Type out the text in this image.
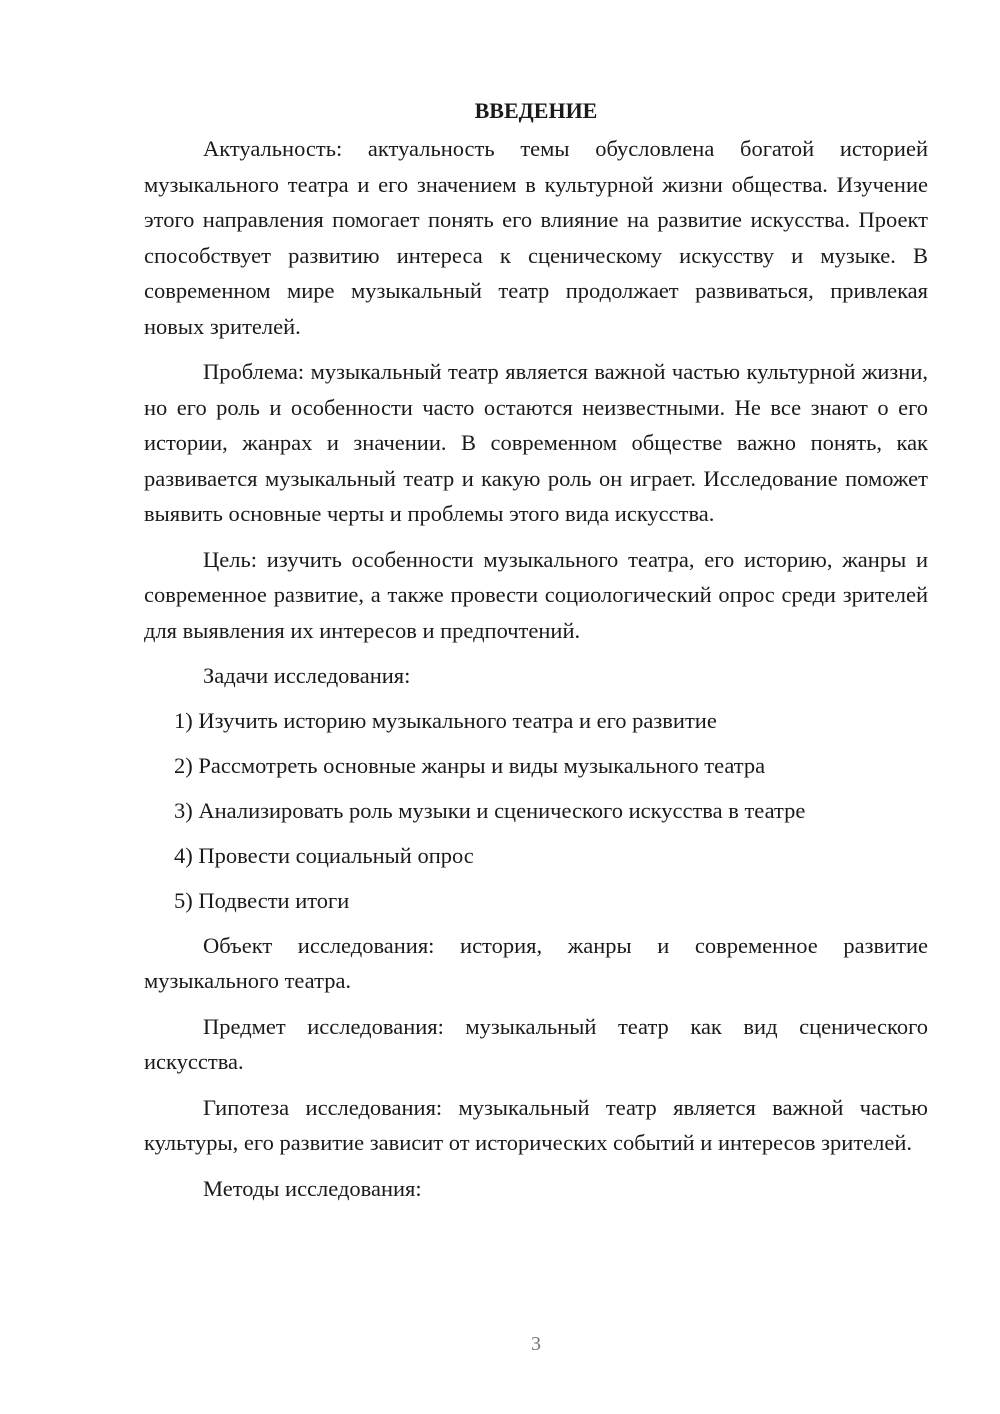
ВВЕДЕНИЕ

Актуальность: актуальность темы обусловлена богатой историей музыкального театра и его значением в культурной жизни общества. Изучение этого направления помогает понять его влияние на развитие искусства. Проект способствует развитию интереса к сценическому искусству и музыке. В современном мире музыкальный театр продолжает развиваться, привлекая новых зрителей.

Проблема: музыкальный театр является важной частью культурной жизни, но его роль и особенности часто остаются неизвестными. Не все знают о его истории, жанрах и значении. В современном обществе важно понять, как развивается музыкальный театр и какую роль он играет. Исследование поможет выявить основные черты и проблемы этого вида искусства.

Цель: изучить особенности музыкального театра, его историю, жанры и современное развитие, а также провести социологический опрос среди зрителей для выявления их интересов и предпочтений.

Задачи исследования:

1) Изучить историю музыкального театра и его развитие
2) Рассмотреть основные жанры и виды музыкального театра
3) Анализировать роль музыки и сценического искусства в театре
4) Провести социальный опрос
5) Подвести итоги

Объект исследования: история, жанры и современное развитие музыкального театра.

Предмет исследования: музыкальный театр как вид сценического искусства.

Гипотеза исследования: музыкальный театр является важной частью культуры, его развитие зависит от исторических событий и интересов зрителей.

Методы исследования:

3
